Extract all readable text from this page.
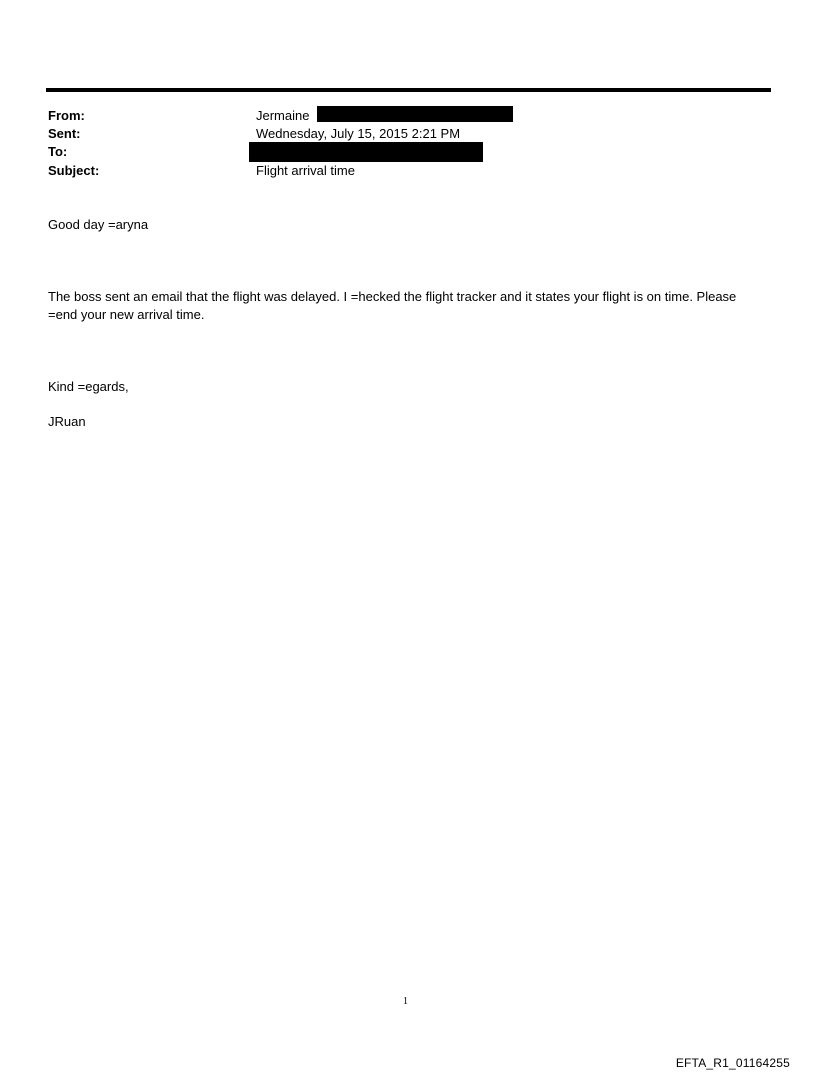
From:	Jermaine
Sent:	Wednesday, July 15, 2015 2:21 PM
To:
Subject:	Flight arrival time
Good day =aryna
The boss sent an email that the flight was delayed. I =hecked the flight tracker and it states your flight is on time. Please =end your new arrival time.
Kind =egards,
JRuan
1
EFTA_R1_01164255
